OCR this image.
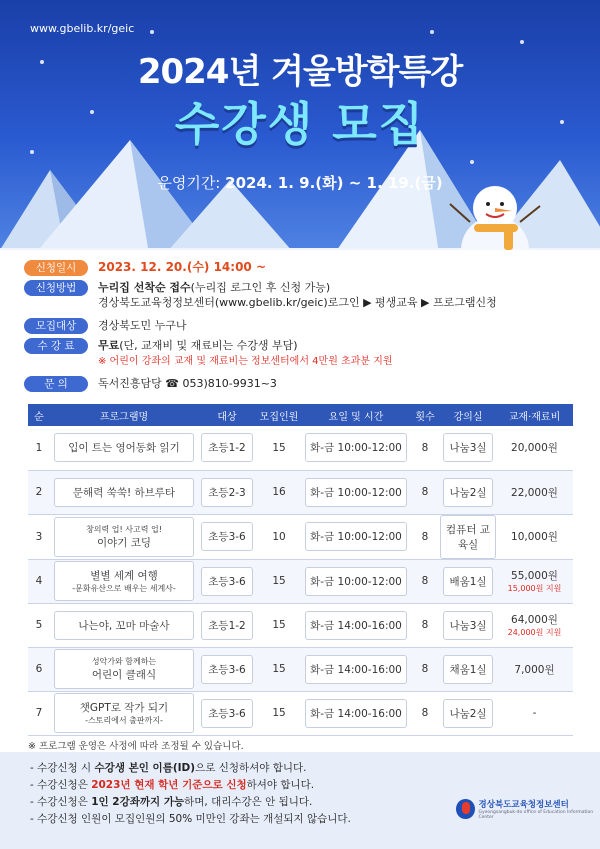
www.gbelib.kr/geic
2024년 겨울방학특강
수강생 모집
운영기간: 2024. 1. 9.(화) ~ 1. 19.(금)
신청일시	2023. 12. 20.(수) 14:00 ~
신청방법	누리집 선착순 접수(누리집 로그인 후 신청 가능)
경상북도교육청정보센터(www.gbelib.kr/geic)로그인 ▶ 평생교육 ▶ 프로그램신청
모집대상	경상북도민 누구나
수 강 료	무료(단, 교재비 및 재료비는 수강생 부담)
※ 어린이 강좌의 교재 및 재료비는 정보센터에서 4만원 초과분 지원
문 의	독서진흥담당 ☎ 053)810-9931~3
순	프로그램명	대상	모집인원	요일 및 시간	횟수	강의실	교재·재료비
1	입이 트는 영어동화 읽기	초등1-2	15	화-금 10:00-12:00	8	나눔3실	20,000원
2	문해력 쑥쑥! 하브루타	초등2-3	16	화-금 10:00-12:00	8	나눔2실	22,000원
3	창의력 업! 사고력 업!
이야기 코딩	초등3-6	10	화-금 10:00-12:00	8	컴퓨터 교육실	10,000원
4	별별 세계 여행
-문화유산으로 배우는 세계사-	초등3-6	15	화-금 10:00-12:00	8	배움1실	55,000원
15,000원 지원

5	나는야, 꼬마 마술사	초등1-2	15	화-금 14:00-16:00	8	나눔3실	64,000원
24,000원 지원

6	성악가와 함께하는
어린이 클래식	초등3-6	15	화-금 14:00-16:00	8	채움1실	7,000원
7	챗GPT로 작가 되기
-스토리에서 출판까지-	초등3-6	15	화-금 14:00-16:00	8	나눔2실	-
※ 프로그램 운영은 사정에 따라 조정될 수 있습니다.
- 수강신청 시 수강생 본인 이름(ID)으로 신청하셔야 합니다.
- 수강신청은 2023년 현재 학년 기준으로 신청하셔야 합니다.
- 수강신청은 1인 2강좌까지 가능하며, 대리수강은 안 됩니다.
- 수강신청 인원이 모집인원의 50% 미만인 강좌는 개설되지 않습니다.
경상북도교육청정보센터
Gyeongsangbuk-do office of Education Information Center
